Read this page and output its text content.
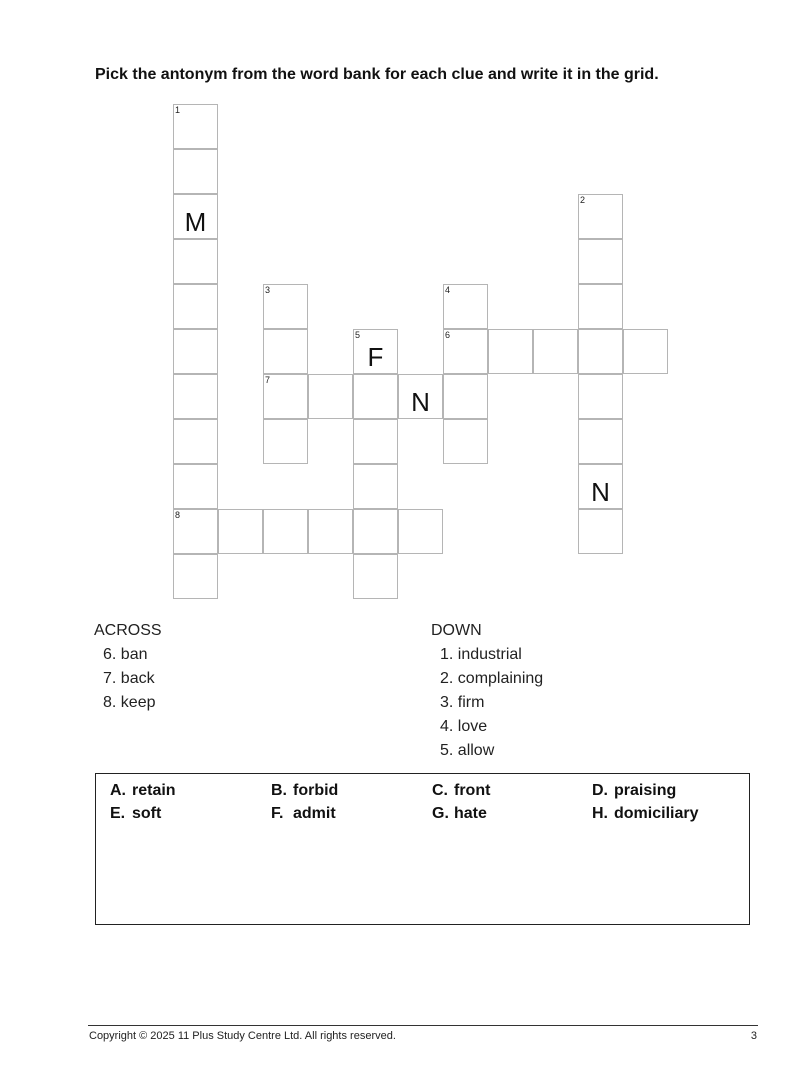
Pick the antonym from the word bank for each clue and write it in the grid.
1
M
8
2
N
3
7
4
6
5
F
N
ACROSS
6. ban
7. back
8. keep
DOWN
1. industrial
2. complaining
3. firm
4. love
5. allow
A. retain	B. forbid	C. front	D. praising
E. soft	F. admit	G. hate	H. domiciliary
Copyright © 2025 11 Plus Study Centre Ltd. All rights reserved.	3
